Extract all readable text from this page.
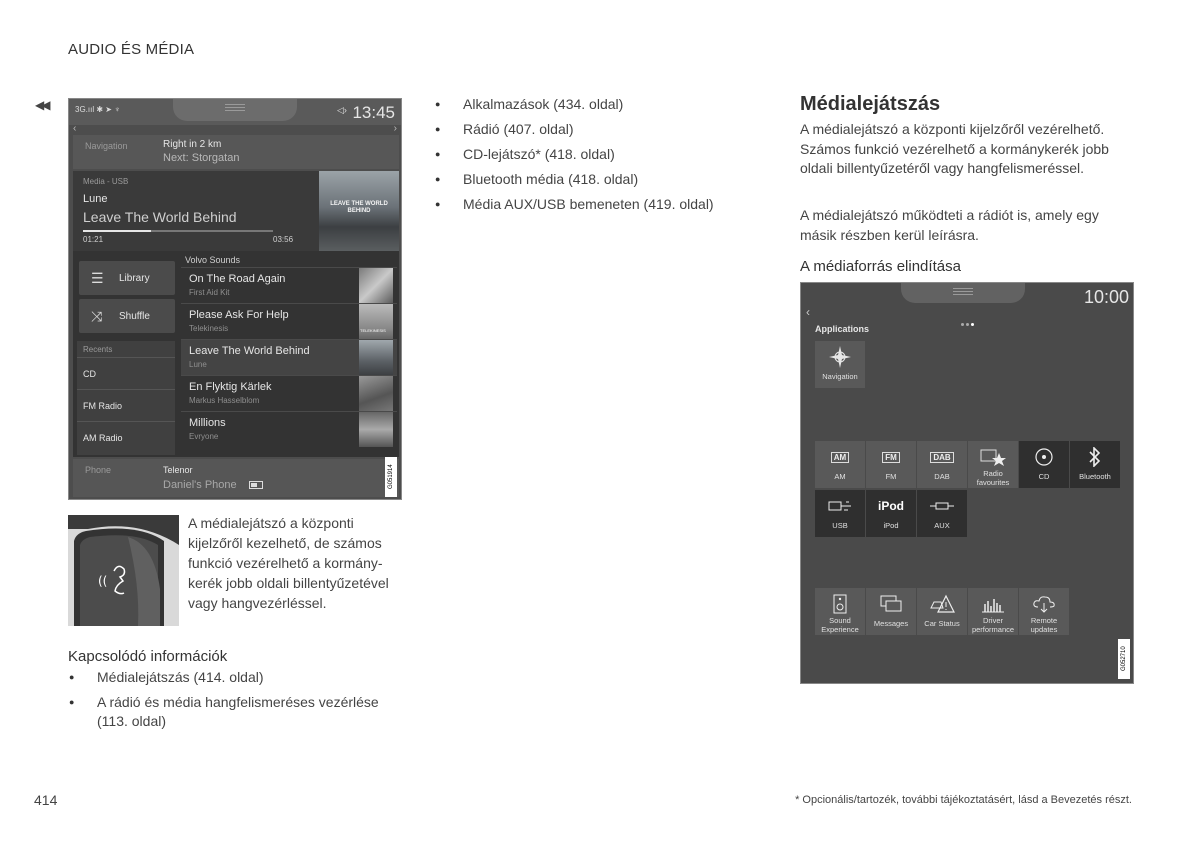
AUDIO ÉS MÉDIA
◀◀	3G.ııl ✱ ➤ ♆	◁› 13:45
‹	›
Navigation	Right in 2 km
Next: Storgatan
Media - USB
Lune
Leave The World Behind
01:21	03:56
LEAVE THE WORLD BEHIND
☰ Library
⤨ Shuffle
Recents
CD
FM Radio
AM Radio
Volvo Sounds
On The Road Again
First Aid Kit
Please Ask For Help
Telekinesis	TELEKINESIS
Leave The World Behind
Lune
En Flyktig Kärlek
Markus Hasselblom
Millions
Evryone
Phone	Telenor
Daniel's Phone	G051914
((
A médialejátszó a központi kijelzőről kezelhető, de számos funkció vezérelhető a kormánykerék jobb oldali billentyűzetével vagy hangvezérléssel.
Kapcsolódó információk
● Médialejátszás (414. oldal)
● A rádió és média hangfelismeréses vezérlése (113. oldal)
● Alkalmazások (434. oldal)
● Rádió (407. oldal)
● CD-lejátszó* (418. oldal)
● Bluetooth média (418. oldal)
● Média AUX/USB bemeneten (419. oldal)
Médialejátszás
A médialejátszó a központi kijelzőről vezérelhető. Számos funkció vezérelhető a kormánykerék jobb oldali billentyűzetéről vagy hangfelismeréssel.
A médialejátszó működteti a rádiót is, amely egy másik részben kerül leírásra.
A médiaforrás elindítása
10:00
‹
Applications
Navigation
AM
AM
FM
FM
DAB
DAB	Radio favourites
CD	Bluetooth
USB
iPod
iPod	AUX
Sound Experience
Messages	Car Status	Driver performance
Remote updates
G052710
414	* Opcionális/tartozék, további tájékoztatásért, lásd a Bevezetés részt.
